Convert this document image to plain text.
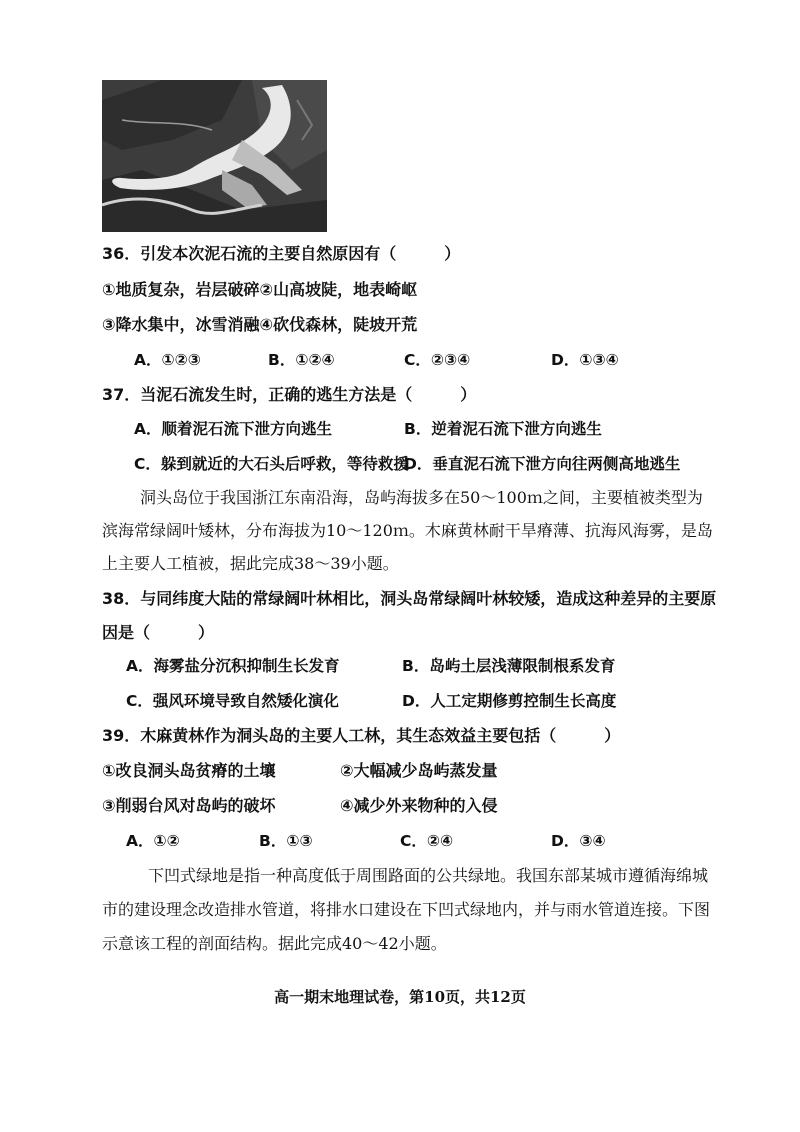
36．引发本次泥石流的主要自然原因有（　　　）
①地质复杂，岩层破碎②山高坡陡，地表崎岖
③降水集中，冰雪消融④砍伐森林，陡坡开荒
A．①②③	B．①②④	C．②③④	D．①③④
37．当泥石流发生时，正确的逃生方法是（　　　）
A．顺着泥石流下泄方向逃生	B．逆着泥石流下泄方向逃生
C．躲到就近的大石头后呼救，等待救援
D．垂直泥石流下泄方向往两侧高地逃生
洞头岛位于我国浙江东南沿海，岛屿海拔多在50～100ｍ之间，主要植被类型为
滨海常绿阔叶矮林，分布海拔为10～120ｍ。木麻黄林耐干旱瘠薄、抗海风海雾，是岛
上主要人工植被，据此完成38～39小题。
38．与同纬度大陆的常绿阔叶林相比，洞头岛常绿阔叶林较矮，造成这种差异的主要原
因是（　　　）
A．海雾盐分沉积抑制生长发育	B．岛屿土层浅薄限制根系发育
C．强风环境导致自然矮化演化	D．人工定期修剪控制生长高度
39．木麻黄林作为洞头岛的主要人工林，其生态效益主要包括（　　　）
①改良洞头岛贫瘠的土壤	②大幅减少岛屿蒸发量
③削弱台风对岛屿的破坏	④减少外来物种的入侵
A．①②	B．①③	C．②④	D．③④
下凹式绿地是指一种高度低于周围路面的公共绿地。我国东部某城市遵循海绵城
市的建设理念改造排水管道，将排水口建设在下凹式绿地内，并与雨水管道连接。下图
示意该工程的剖面结构。据此完成40～42小题。
高一期末地理试卷，第10页，共12页
